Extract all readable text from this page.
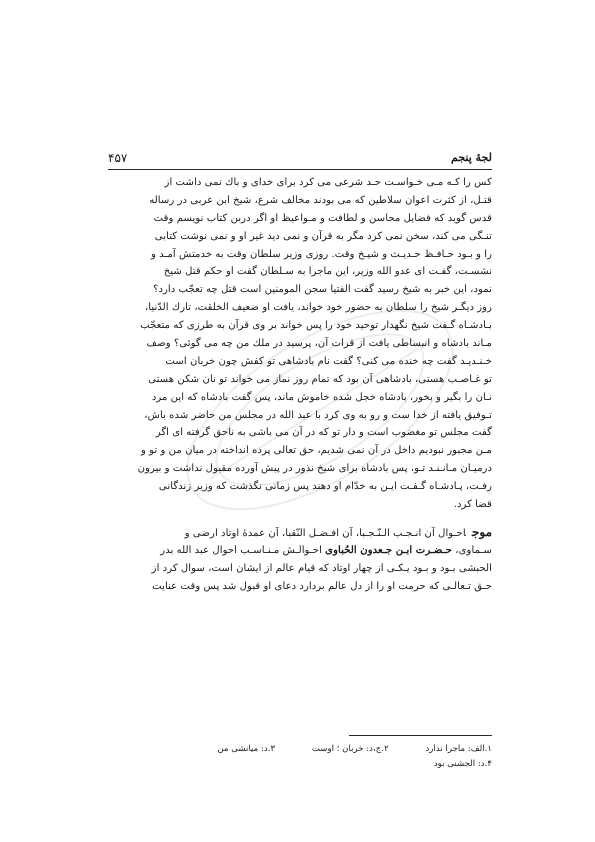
لجۀ پنجم
۴۵۷
کس را کـه مـی خـواسـت حـد شرعی می کرد برای خدای و باك نمی داشت از
قتـل، از کثرت اعوان سلاطین که می بودند مخالف شرع، شیخ ابن عربی در رساله
قدس گوید که فضایل محاسن و لطافت و مـواعیظ او اگر دربن کتاب نویسم وقت
تنـگی می کند، سخن نمی کرد مگر به قرآن و نمی دید غیر او و نمی نوشت کتابی
را و بـود حـافـظ حـدیـث و شیـخ وقت. روزی وزیر سلطان وقت به خدمتش آمـد و
نشسـت، گفـت ای عدو الله وزیر، این ماجرا به سـلطان گفت او حکم قتل شیخ
نمود، این خبر به شیخ رسید گفت الفتیا سجن المومنین است قتل چه تعجّب دارد؟
روز دیگـر شیخ را سلطان به حضور خود خواند، یافت او ضعیف الخلقت، تارك الدّنیا،
بـادشـاه گـفت شیخ نگهدار توحید خود را پس خواند بر وی قرآن به طرزی که متعجّب
مـاند بادشاه و انبساطی یافت از قرات آن، پرسید در ملك من چه می گوئی؟ وصف
خـنـدیـد گفت چه خنده می کنی؟ گفت نام بادشاهی تو کفش چون خربان است
تو غـاصـب هستی، بادشاهی آن بود که تمام روز نماز می خواند تو نان شکن هستی
نـان را بگیر و بخور، بادشاه خجل شده خاموش ماند، پس گفت بادشاه که این مرد
تـوفیق یافته از خدا ست و رو به وی کرد با عبد الله در مجلس من حاضر شده باش،
گفت مجلس تو مغضوب است و دار تو که در آن می باشی به ناحق گرفته ای اگر
مـن مجبور نبودیم داخل در آن نمی شدیم، حق تعالی پرده انداخته در میان من و تو و
درمیـان مـانـنـد تـو، پس بادشاه برای شیخ نذور در پیش آورده مقبول نداشت و بیرون
رفـت، پـادشـاه گـفـت ایـن به خدّام او دهند پس زمانی نگذشت که وزیر زندگانی
قضا کرد.
موجاحـوال آن انـجـب الـنّـجـبا، آن افـضـل النّقبا، آن عمدۀ اوتاد ارضی و
سـماوی، حـضـرت ابـن جـعدون الحُباوی احـوالـش مـنـاسـب احوال عبد الله بدر
الحبشی بـود و بـود یـکـی از چهار اوتاد که قیام عالم از ایشان است، سوال کرد از
حـق تـعالـی که حرمت او را از دل عالم بردارد دعای او قبول شد پس وقت عنایت
۱.الف: ماجرا ندارد ۲.ج،د: خربان ؛ اوست ۳.د: میانشی من
۴.د: الجشنی بود
